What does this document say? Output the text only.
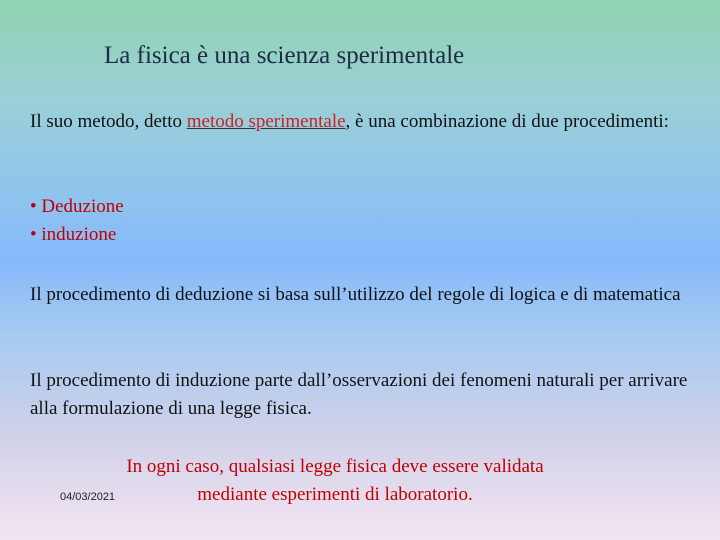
La fisica è una scienza sperimentale
Il suo metodo, detto metodo sperimentale, è una combinazione di due procedimenti:
• Deduzione
• induzione
Il procedimento di deduzione si basa sull’utilizzo del regole di logica e di matematica
Il procedimento di induzione parte dall’osservazioni dei fenomeni naturali per arrivare alla formulazione di una legge fisica.
In ogni caso, qualsiasi legge fisica deve essere validata
mediante esperimenti di laboratorio.
04/03/2021
